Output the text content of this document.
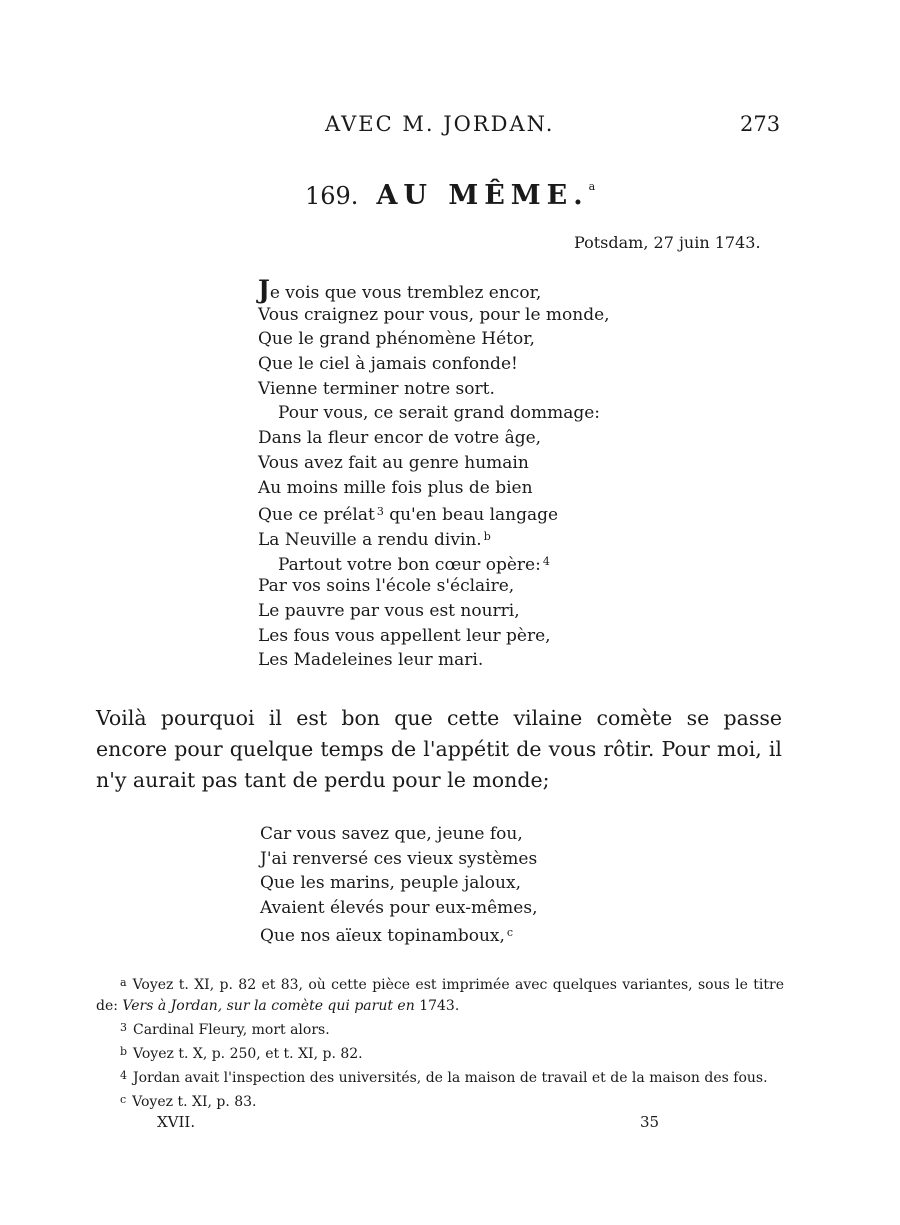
AVEC M. JORDAN.	273
169. AU MÊME.$^a$
Potsdam, 27 juin 1743.
Je vois que vous tremblez encor,
Vous craignez pour vous, pour le monde,
Que le grand phénomène Hétor,
Que le ciel à jamais confonde!
Vienne terminer notre sort.
Pour vous, ce serait grand dommage:
Dans la fleur encor de votre âge,
Vous avez fait au genre humain
Au moins mille fois plus de bien
Que ce prélat $^3$ qu'en beau langage
La Neuville a rendu divin. $^b$
Partout votre bon cœur opère: $^4$
Par vos soins l'école s'éclaire,
Le pauvre par vous est nourri,
Les fous vous appellent leur père,
Les Madeleines leur mari.

Voilà pourquoi il est bon que cette vilaine comète se passe encore pour quelque temps de l'appétit de vous rôtir. Pour moi, il n'y aurait pas tant de perdu pour le monde;

Car vous savez que, jeune fou,
J'ai renversé ces vieux systèmes
Que les marins, peuple jaloux,
Avaient élevés pour eux-mêmes,
Que nos aïeux topinamboux, $^c$

$^a$ Voyez t. XI, p. 82 et 83, où cette pièce est imprimée avec quelques variantes, sous le titre de: Vers à Jordan, sur la comète qui parut en 1743.

$^3$ Cardinal Fleury, mort alors.

$^b$ Voyez t. X, p. 250, et t. XI, p. 82.

$^4$ Jordan avait l'inspection des universités, de la maison de travail et de la maison des fous.

$^c$ Voyez t. XI, p. 83.

XVII.	35
